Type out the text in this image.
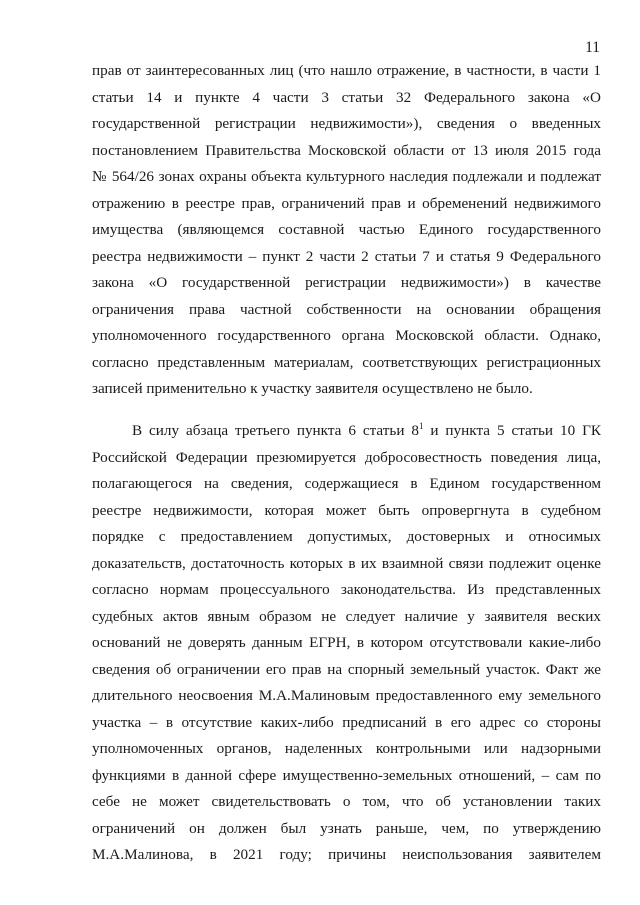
11
прав от заинтересованных лиц (что нашло отражение, в частности, в части 1
статьи 14 и пункте 4 части 3 статьи 32 Федерального закона «О
государственной регистрации недвижимости»), сведения о введенных
постановлением Правительства Московской области от 13 июля 2015 года
№ 564/26 зонах охраны объекта культурного наследия подлежали и подлежат
отражению в реестре прав, ограничений прав и обременений недвижимого
имущества (являющемся составной частью Единого государственного
реестра недвижимости – пункт 2 части 2 статьи 7 и статья 9 Федерального
закона «О государственной регистрации недвижимости») в качестве
ограничения права частной собственности на основании обращения
уполномоченного государственного органа Московской области. Однако,
согласно представленным материалам, соответствующих регистрационных
записей применительно к участку заявителя осуществлено не было.
В силу абзаца третьего пункта 6 статьи $8^1$ и пункта 5 статьи 10 ГК
Российской Федерации презюмируется добросовестность поведения лица,
полагающегося на сведения, содержащиеся в Едином государственном
реестре недвижимости, которая может быть опровергнута в судебном
порядке с предоставлением допустимых, достоверных и относимых
доказательств, достаточность которых в их взаимной связи подлежит оценке
согласно нормам процессуального законодательства. Из представленных
судебных актов явным образом не следует наличие у заявителя веских
оснований не доверять данным ЕГРН, в котором отсутствовали какие-либо
сведения об ограничении его прав на спорный земельный участок. Факт же
длительного неосвоения М.А.Малиновым предоставленного ему земельного
участка – в отсутствие каких-либо предписаний в его адрес со стороны
уполномоченных органов, наделенных контрольными или надзорными
функциями в данной сфере имущественно-земельных отношений, – сам по
себе не может свидетельствовать о том, что об установлении таких
ограничений он должен был узнать раньше, чем, по утверждению
М.А.Малинова, в 2021 году; причины неиспользования заявителем
